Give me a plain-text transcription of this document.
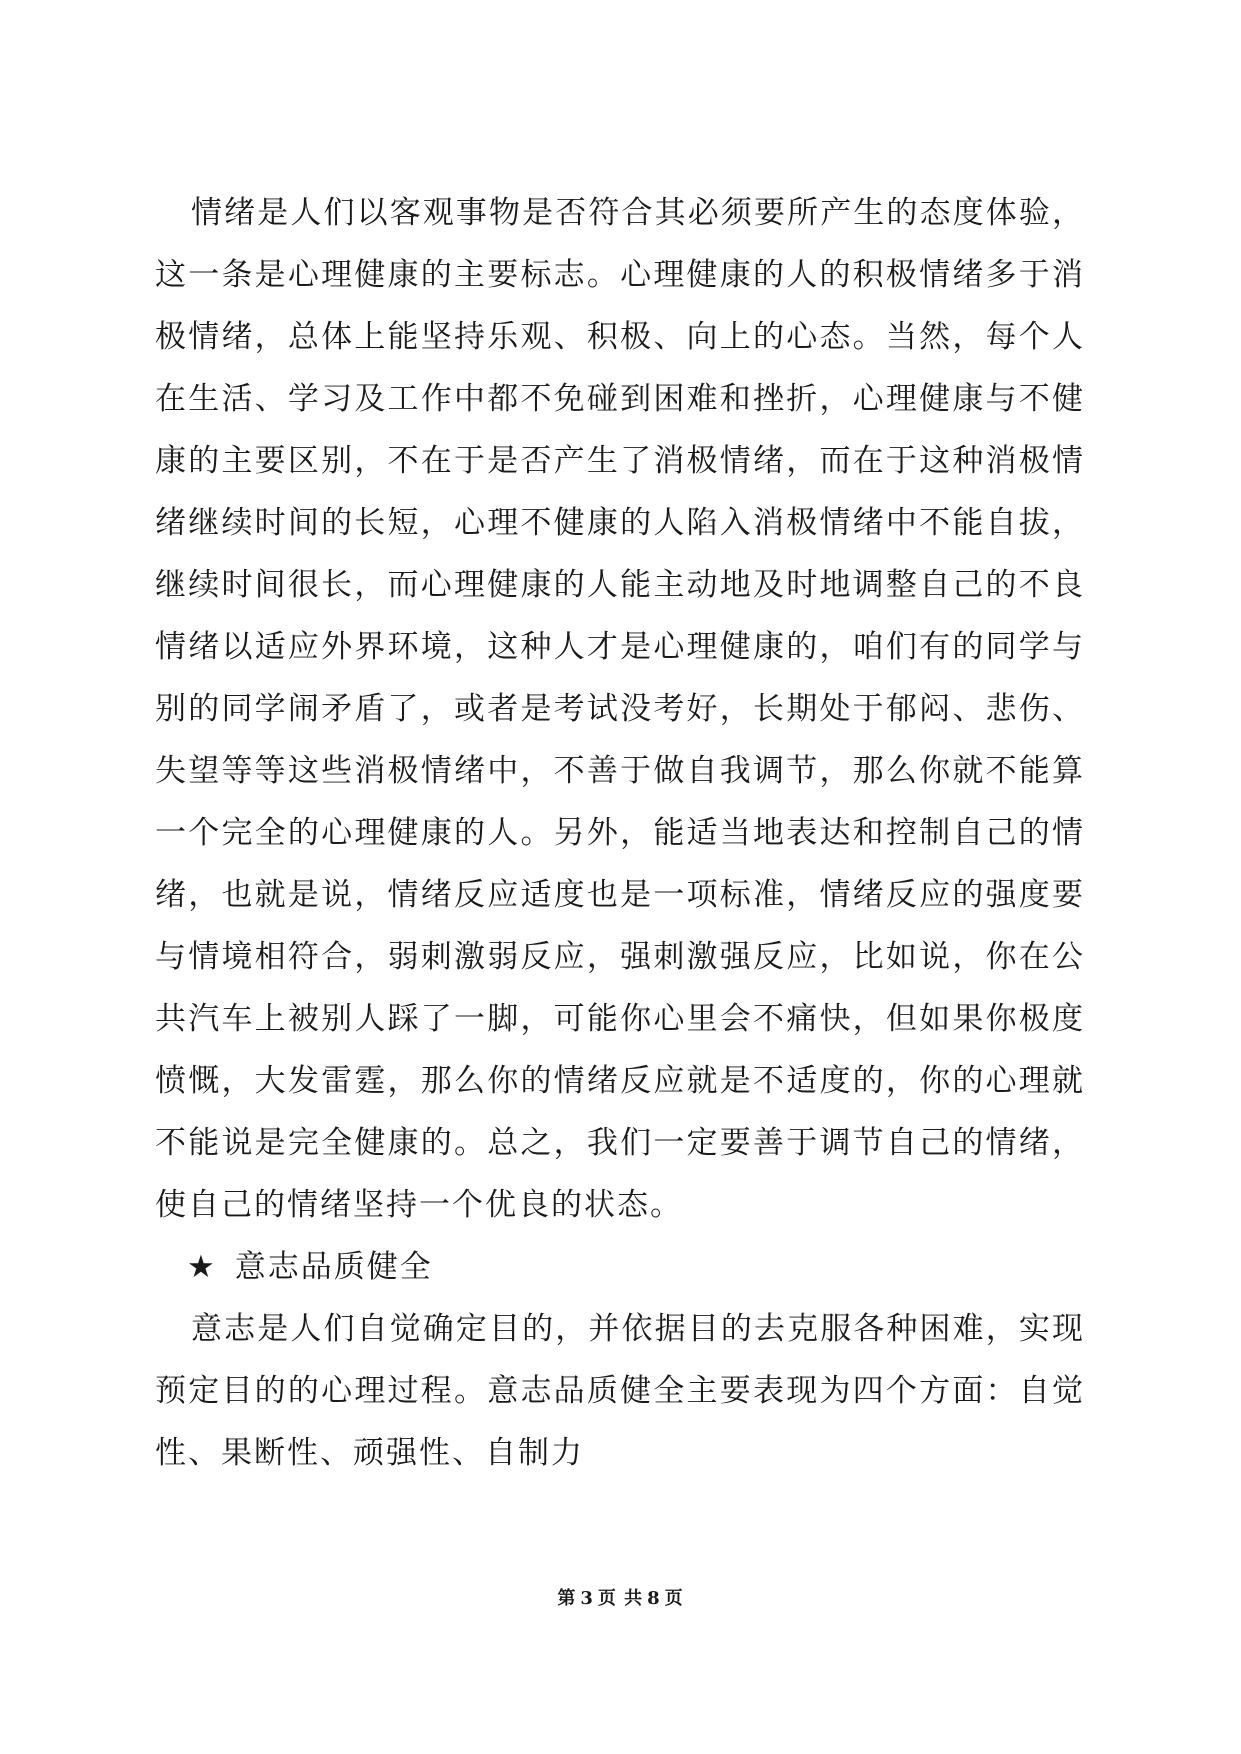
情绪是人们以客观事物是否符合其必须要所产生的态度体验，这一条是心理健康的主要标志。心理健康的人的积极情绪多于消极情绪，总体上能坚持乐观、积极、向上的心态。当然，每个人在生活、学习及工作中都不免碰到困难和挫折，心理健康与不健康的主要区别，不在于是否产生了消极情绪，而在于这种消极情绪继续时间的长短，心理不健康的人陷入消极情绪中不能自拔，继续时间很长，而心理健康的人能主动地及时地调整自己的不良情绪以适应外界环境，这种人才是心理健康的，咱们有的同学与别的同学闹矛盾了，或者是考试没考好，长期处于郁闷、悲伤、失望等等这些消极情绪中，不善于做自我调节，那么你就不能算一个完全的心理健康的人。另外，能适当地表达和控制自己的情绪，也就是说，情绪反应适度也是一项标准，情绪反应的强度要与情境相符合，弱刺激弱反应，强刺激强反应，比如说，你在公共汽车上被别人踩了一脚，可能你心里会不痛快，但如果你极度愤慨，大发雷霆，那么你的情绪反应就是不适度的，你的心理就不能说是完全健康的。总之，我们一定要善于调节自己的情绪，使自己的情绪坚持一个优良的状态。

★ 意志品质健全

意志是人们自觉确定目的，并依据目的去克服各种困难，实现预定目的的心理过程。意志品质健全主要表现为四个方面：自觉性、果断性、顽强性、自制力

第 3 页 共 8 页
